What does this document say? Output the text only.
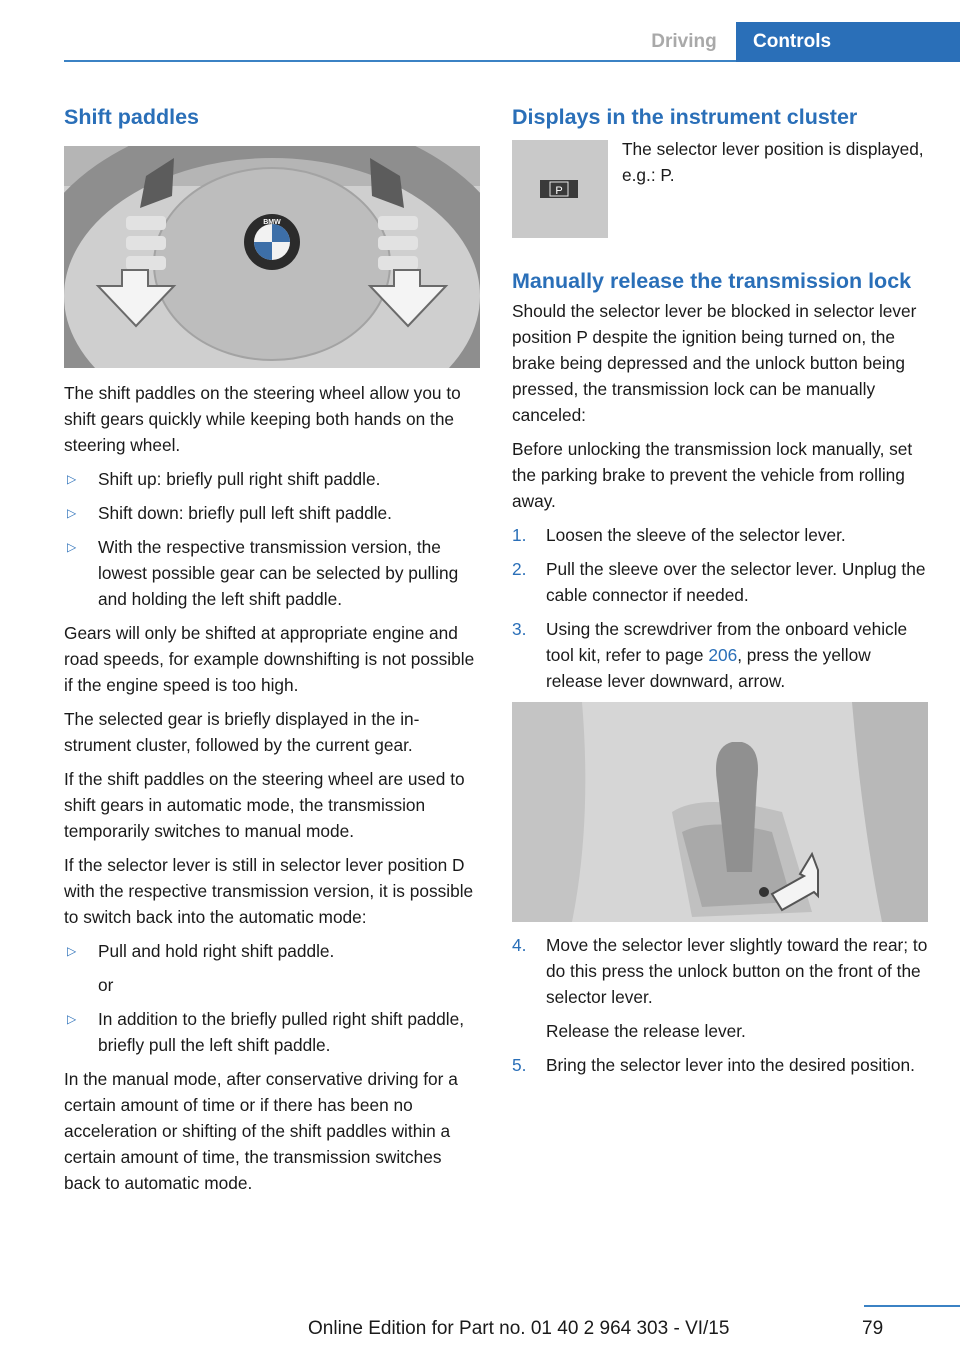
Driving	Controls
Shift paddles
BMW

The shift paddles on the steering wheel allow you to shift gears quickly while keeping both hands on the steering wheel.

▷ Shift up: briefly pull right shift paddle.
▷ Shift down: briefly pull left shift paddle.
▷ With the respective transmission version, the lowest possible gear can be selected by pulling and holding the left shift paddle.

Gears will only be shifted at appropriate engine and road speeds, for example downshifting is not possible if the engine speed is too high.

The selected gear is briefly displayed in the instrument cluster, followed by the current gear.

If the shift paddles on the steering wheel are used to shift gears in automatic mode, the transmission temporarily switches to manual mode.

If the selector lever is still in selector lever position D with the respective transmission version, it is possible to switch back into the automatic mode:

▷ Pull and hold right shift paddle.
or
▷ In addition to the briefly pulled right shift paddle, briefly pull the left shift paddle.

In the manual mode, after conservative driving for a certain amount of time or if there has been no acceleration or shifting of the shift paddles within a certain amount of time, the transmission switches back to automatic mode.

Displays in the instrument cluster
P

The selector lever position is displayed, e.g.: P.

Manually release the transmission lock

Should the selector lever be blocked in selector lever position P despite the ignition being turned on, the brake being depressed and the unlock button being pressed, the transmission lock can be manually canceled:

Before unlocking the transmission lock manually, set the parking brake to prevent the vehicle from rolling away.

1. Loosen the sleeve of the selector lever.
2. Pull the sleeve over the selector lever. Unplug the cable connector if needed.
3. Using the screwdriver from the onboard vehicle tool kit, refer to page 206, press the yellow release lever downward, arrow.
4. Move the selector lever slightly toward the rear; to do this press the unlock button on the front of the selector lever.
Release the release lever.
5. Bring the selector lever into the desired position.
Online Edition for Part no. 01 40 2 964 303 - VI/15	79
